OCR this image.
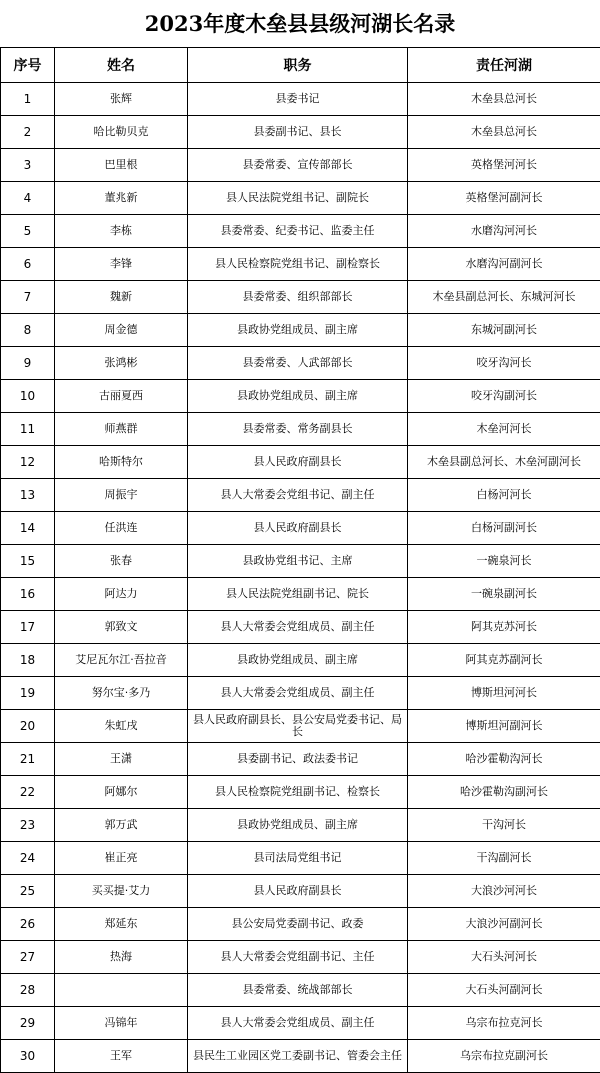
2023年度木垒县县级河湖长名录
序号	姓名	职务	责任河湖
1	张辉	县委书记	木垒县总河长
2	哈比勒贝克	县委副书记、县长	木垒县总河长
3	巴里根	县委常委、宣传部部长	英格堡河河长
4	董兆新	县人民法院党组书记、副院长	英格堡河副河长
5	李栋	县委常委、纪委书记、监委主任	水磨沟河河长
6	李锋	县人民检察院党组书记、副检察长	水磨沟河副河长
7	魏新	县委常委、组织部部长	木垒县副总河长、东城河河长
8	周金德	县政协党组成员、副主席	东城河副河长
9	张鸿彬	县委常委、人武部部长	咬牙沟河长
10	古丽夏西	县政协党组成员、副主席	咬牙沟副河长
11	师燕群	县委常委、常务副县长	木垒河河长
12	哈斯特尔	县人民政府副县长	木垒县副总河长、木垒河副河长
13	周振宇	县人大常委会党组书记、副主任	白杨河河长
14	任洪连	县人民政府副县长	白杨河副河长
15	张春	县政协党组书记、主席	一碗泉河长
16	阿达力	县人民法院党组副书记、院长	一碗泉副河长
17	郭致文	县人大常委会党组成员、副主任	阿其克苏河长
18	艾尼瓦尔江·吾拉音	县政协党组成员、副主席	阿其克苏副河长
19	努尔宝·多乃	县人大常委会党组成员、副主任	博斯坦河河长
20	朱虹戌	县人民政府副县长、县公安局党委书记、局长	博斯坦河副河长
21	王潇	县委副书记、政法委书记	哈沙霍勒沟河长
22	阿娜尔	县人民检察院党组副书记、检察长	哈沙霍勒沟副河长
23	郭万武	县政协党组成员、副主席	干沟河长
24	崔正亮	县司法局党组书记	干沟副河长
25	买买提·艾力	县人民政府副县长	大浪沙河河长
26	郑延东	县公安局党委副书记、政委	大浪沙河副河长
27	热海	县人大常委会党组副书记、主任	大石头河河长
28		县委常委、统战部部长	大石头河副河长
29	冯锦年	县人大常委会党组成员、副主任	乌宗布拉克河长
30	王军	县民生工业园区党工委副书记、管委会主任	乌宗布拉克副河长
